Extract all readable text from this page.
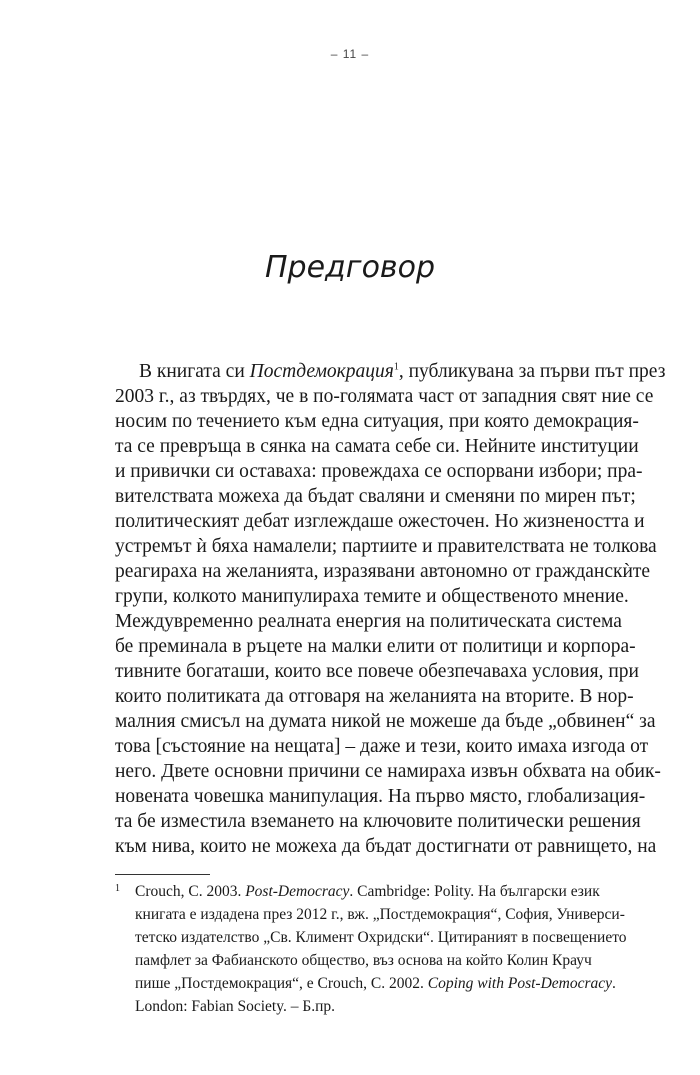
– 11 –
Предговор
В книгата си Постдемокрация$^1$, публикувана за първи път през
2003 г., аз твърдях, че в по-голямата част от западния свят ние се
носим по течението към една ситуация, при която демокрация-
та се превръща в сянка на самата себе си. Нейните институции
и привички си оставаха: провеждаха се оспорвани избори; пра-
вителствата можеха да бъдат сваляни и сменяни по мирен път;
политическият дебат изглеждаше ожесточен. Но жизнеността и
устремът ѝ бяха намалели; партиите и правителствата не толкова
реагираха на желанията, изразявани автономно от гражданскѝте
групи, колкото манипулираха темите и общественото мнение.
Междувременно реалната енергия на политическата система
бе преминала в ръцете на малки елити от политици и корпора-
тивните богаташи, които все повече обезпечаваха условия, при
които политиката да отговаря на желанията на вторите. В нор-
малния смисъл на думата никой не можеше да бъде „обвинен“ за
това [състояние на нещата] – даже и тези, които имаха изгода от
него. Двете основни причини се намираха извън обхвата на обик-
новената човешка манипулация. На първо място, глобализация-
та бе изместила вземането на ключовите политически решения
към нива, които не можеха да бъдат достигнати от равнището, на
1 Crouch, C. 2003. Post-Democracy. Cambridge: Polity. На български език
книгата е издадена през 2012 г., вж. „Постдемокрация“, София, Универси-
тетско издателство „Св. Климент Охридски“. Цитираният в посвещението
памфлет за Фабианското общество, въз основа на който Колин Крауч
пише „Постдемокрация“, е Crouch, C. 2002. Coping with Post-Democracy.
London: Fabian Society. – Б.пр.
